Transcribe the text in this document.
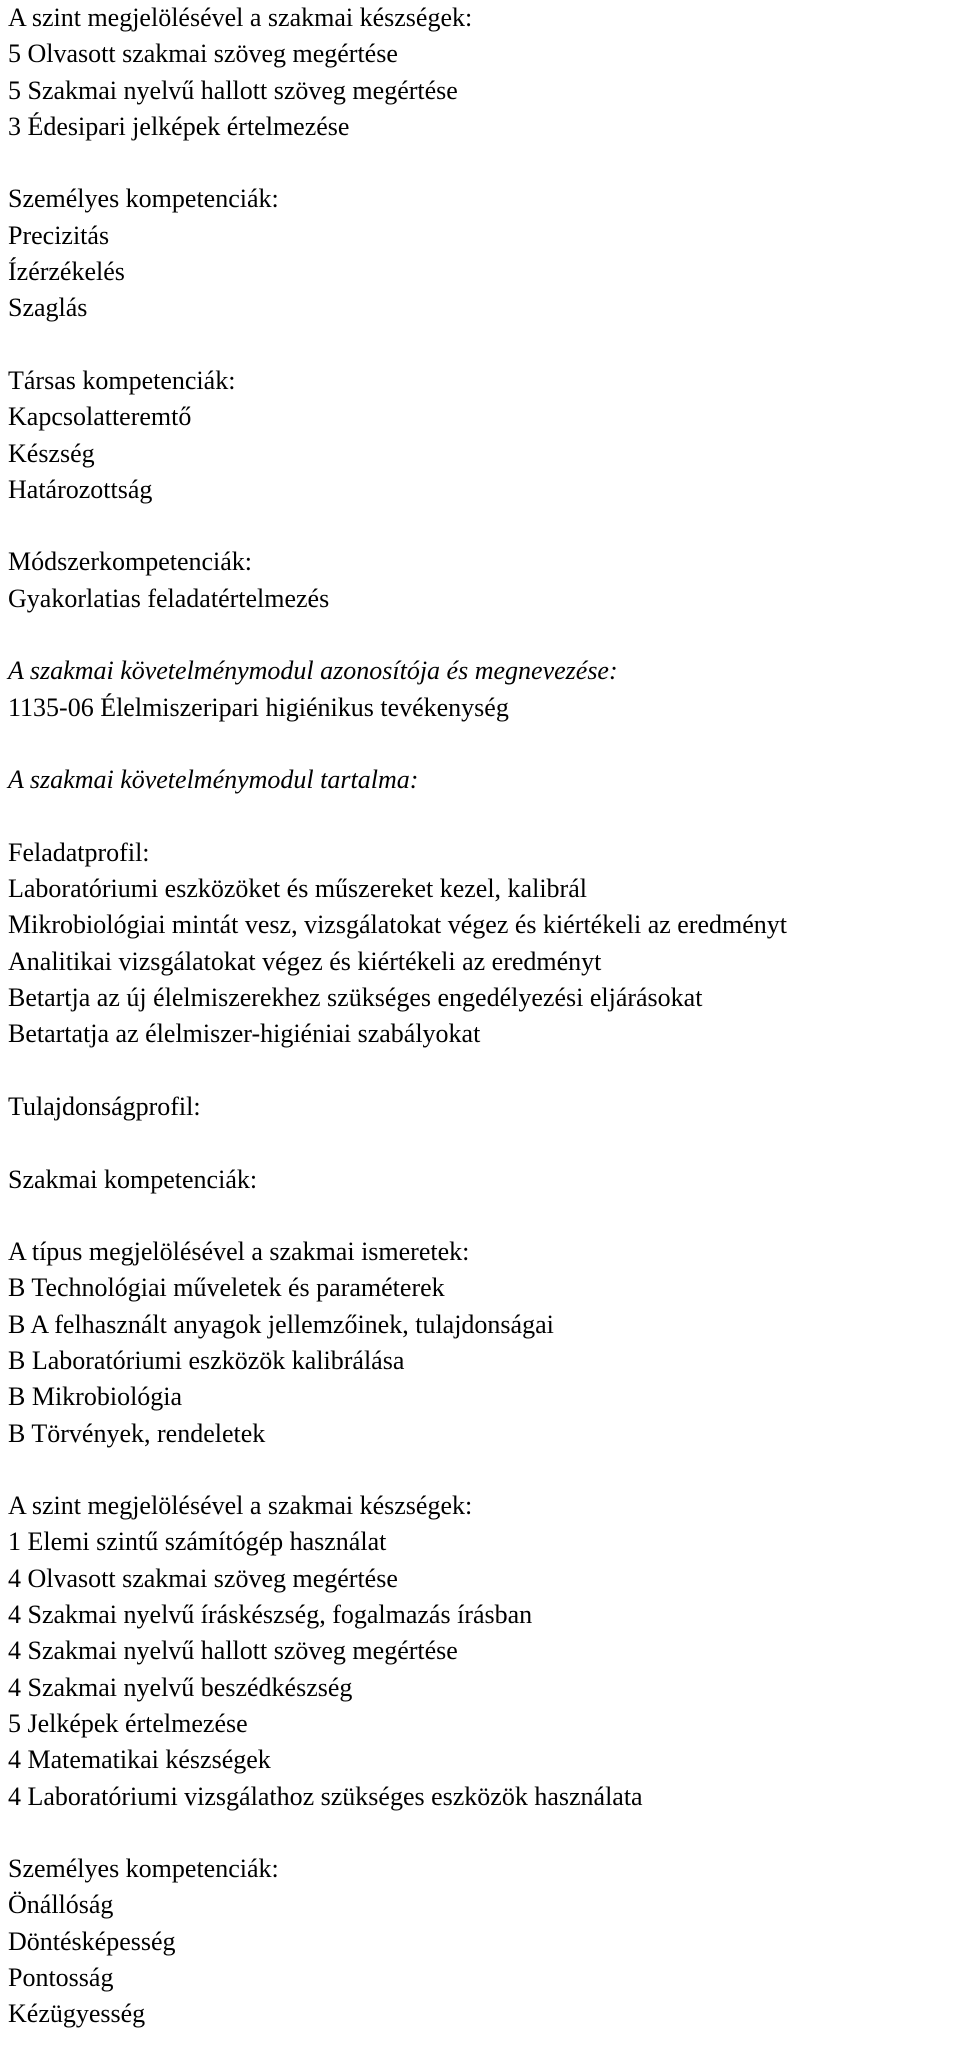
A szint megjelölésével a szakmai készségek:
5 Olvasott szakmai szöveg megértése
5 Szakmai nyelvű hallott szöveg megértése
3 Édesipari jelképek értelmezése
Személyes kompetenciák:
Precizitás
Ízérzékelés
Szaglás
Társas kompetenciák:
Kapcsolatteremtő
Készség
Határozottság
Módszerkompetenciák:
Gyakorlatias feladatértelmezés
A szakmai követelménymodul azonosítója és megnevezése:
1135-06 Élelmiszeripari higiénikus tevékenység
A szakmai követelménymodul tartalma:
Feladatprofil:
Laboratóriumi eszközöket és műszereket kezel, kalibrál
Mikrobiológiai mintát vesz, vizsgálatokat végez és kiértékeli az eredményt
Analitikai vizsgálatokat végez és kiértékeli az eredményt
Betartja az új élelmiszerekhez szükséges engedélyezési eljárásokat
Betartatja az élelmiszer-higiéniai szabályokat
Tulajdonságprofil:
Szakmai kompetenciák:
A típus megjelölésével a szakmai ismeretek:
B Technológiai műveletek és paraméterek
B A felhasznált anyagok jellemzőinek, tulajdonságai
B Laboratóriumi eszközök kalibrálása
B Mikrobiológia
B Törvények, rendeletek
A szint megjelölésével a szakmai készségek:
1 Elemi szintű számítógép használat
4 Olvasott szakmai szöveg megértése
4 Szakmai nyelvű íráskészség, fogalmazás írásban
4 Szakmai nyelvű hallott szöveg megértése
4 Szakmai nyelvű beszédkészség
5 Jelképek értelmezése
4 Matematikai készségek
4 Laboratóriumi vizsgálathoz szükséges eszközök használata
Személyes kompetenciák:
Önállóság
Döntésképesség
Pontosság
Kézügyesség
